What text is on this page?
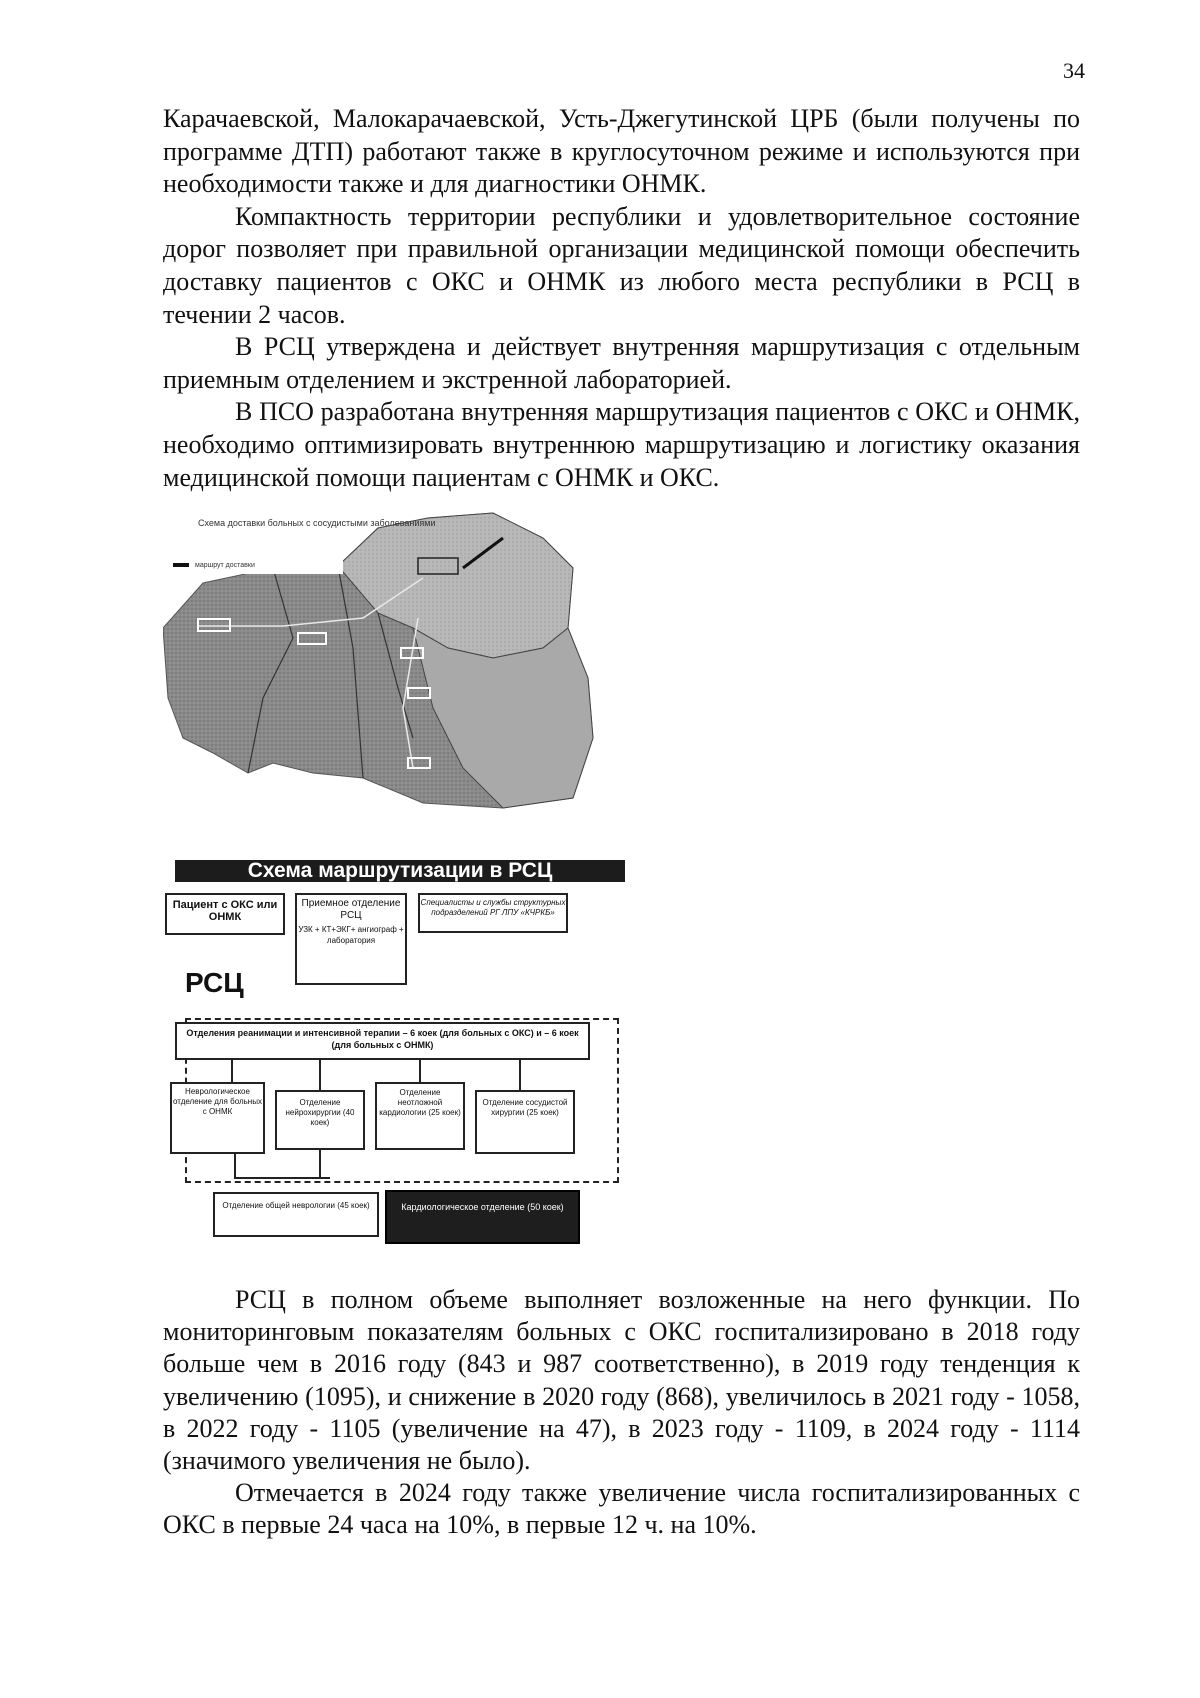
34

Карачаевской, Малокарачаевской, Усть-Джегутинской ЦРБ (были получены по программе ДТП) работают также в круглосуточном режиме и используются при необходимости также и для диагностики ОНМК.

Компактность территории республики и удовлетворительное состояние дорог позволяет при правильной организации медицинской помощи обеспечить доставку пациентов с ОКС и ОНМК из любого места республики в РСЦ в течении 2 часов.

В РСЦ утверждена и действует внутренняя маршрутизация с отдельным приемным отделением и экстренной лабораторией.

В ПСО разработана внутренняя маршрутизация пациентов с ОКС и ОНМК, необходимо оптимизировать внутреннюю маршрутизацию и логистику оказания медицинской помощи пациентам с ОНМК и ОКС.

Схема доставки больных с сосудистыми заболеваниями
маршрут доставки
Схема маршрутизации в РСЦ
Пациент с ОКС или ОНМК
Приемное отделение РСЦ
УЗК + КТ+ЭКГ+ ангиограф + лаборатория
Специалисты и службы структурных подразделений РГ ЛПУ «КЧРКБ»
РСЦ
Отделения реанимации и интенсивной терапии – 6 коек (для больных с ОКС) и – 6 коек (для больных с ОНМК)
Неврологическое отделение для больных с ОНМК
Отделение нейрохирургии (40 коек)
Отделение неотложной кардиологии (25 коек)
Отделение сосудистой хирургии (25 коек)
Отделение общей неврологии (45 коек)	Кардиологическое отделение (50 коек)

РСЦ в полном объеме выполняет возложенные на него функции. По мониторинговым показателям больных с ОКС госпитализировано в 2018 году больше чем в 2016 году (843 и 987 соответственно), в 2019 году тенденция к увеличению (1095), и снижение в 2020 году (868), увеличилось в 2021 году - 1058, в 2022 году - 1105 (увеличение на 47), в 2023 году - 1109, в 2024 году - 1114 (значимого увеличения не было).

Отмечается в 2024 году также увеличение числа госпитализированных с ОКС в первые 24 часа на 10%, в первые 12 ч. на 10%.
